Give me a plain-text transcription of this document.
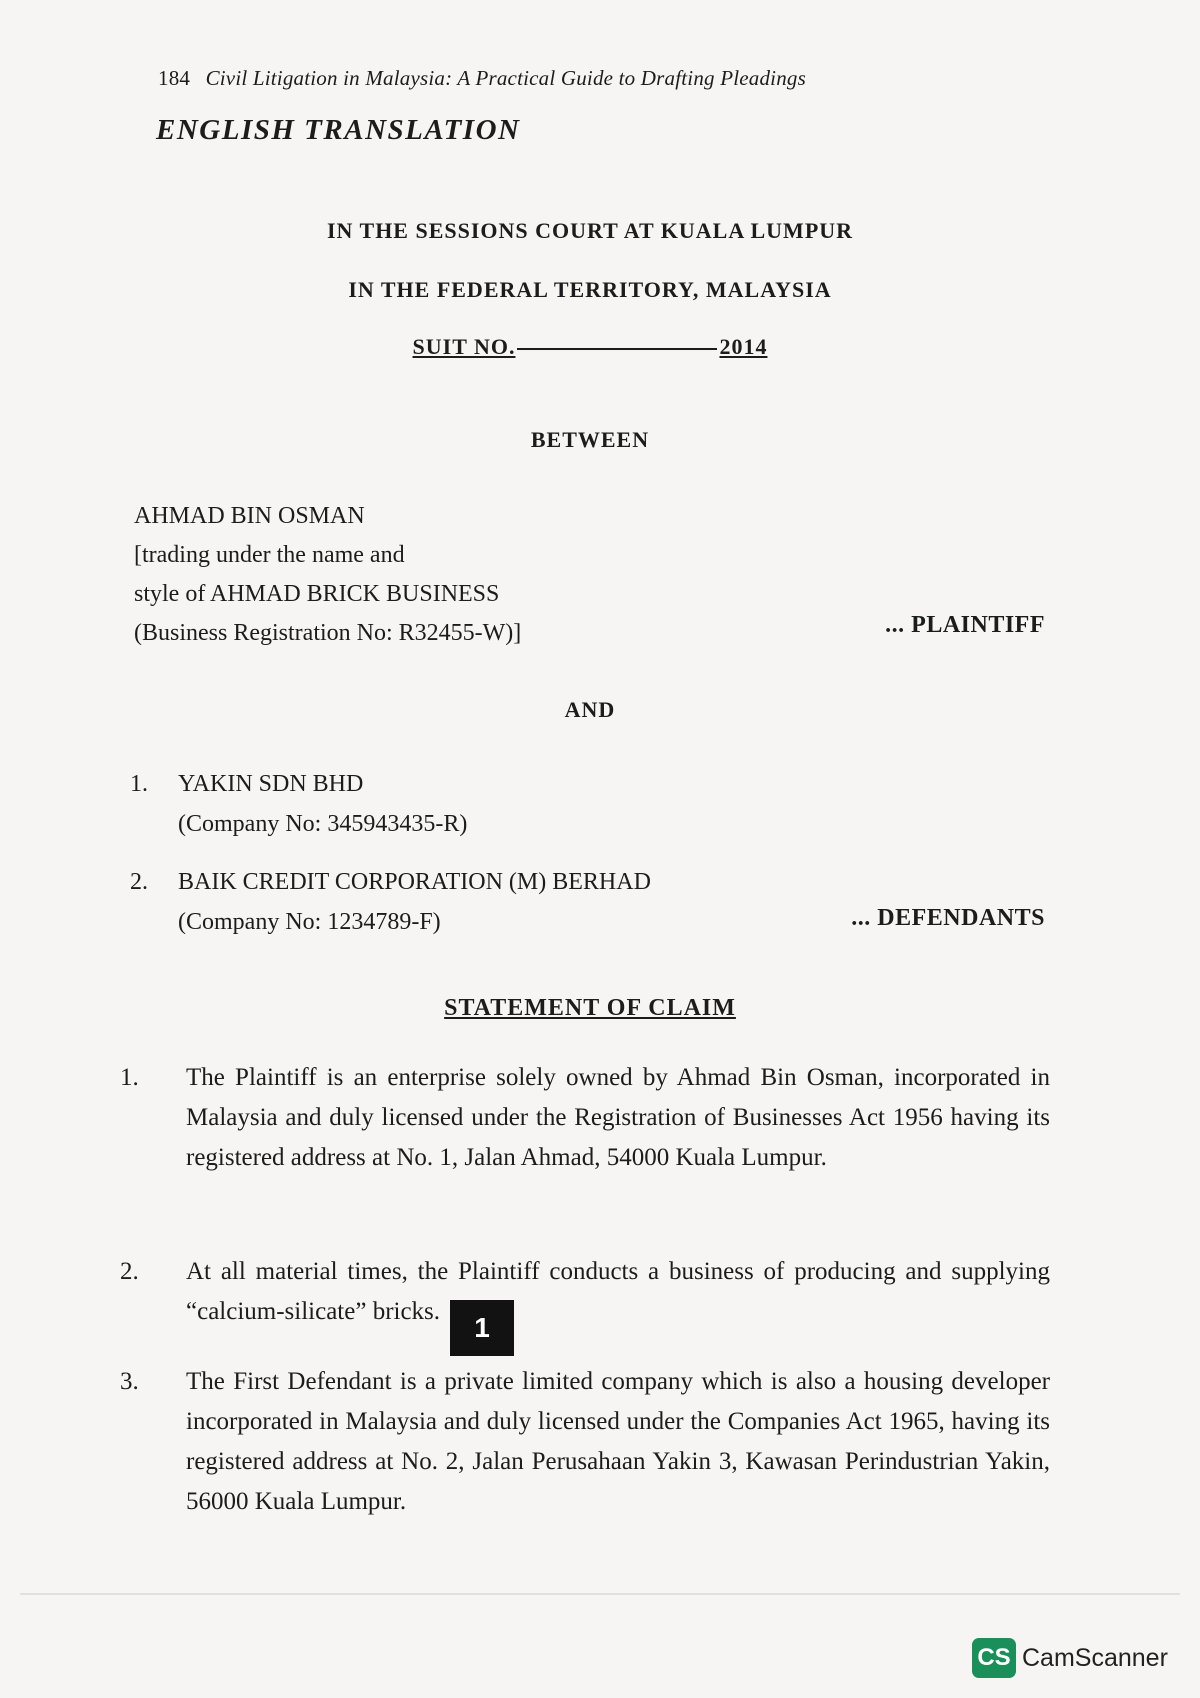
184 Civil Litigation in Malaysia: A Practical Guide to Drafting Pleadings
ENGLISH TRANSLATION
IN THE SESSIONS COURT AT KUALA LUMPUR
IN THE FEDERAL TERRITORY, MALAYSIA
SUIT NO.	2014
BETWEEN
AHMAD BIN OSMAN
[trading under the name and
style of AHMAD BRICK BUSINESS
(Business Registration No: R32455-W)]	... PLAINTIFF
AND
1. YAKIN SDN BHD
(Company No: 345943435-R)
2. BAIK CREDIT CORPORATION (M) BERHAD
(Company No: 1234789-F)	... DEFENDANTS
STATEMENT OF CLAIM
1. The Plaintiff is an enterprise solely owned by Ahmad Bin Osman, incorporated in Malaysia and duly licensed under the Registration of Businesses Act 1956 having its registered address at No. 1, Jalan Ahmad, 54000 Kuala Lumpur.
2. At all material times, the Plaintiff conducts a business of producing and supplying “calcium-silicate” bricks.1
3. The First Defendant is a private limited company which is also a housing developer incorporated in Malaysia and duly licensed under the Companies Act 1965, having its registered address at No. 2, Jalan Perusahaan Yakin 3, Kawasan Perindustrian Yakin, 56000 Kuala Lumpur.
CS CamScanner
